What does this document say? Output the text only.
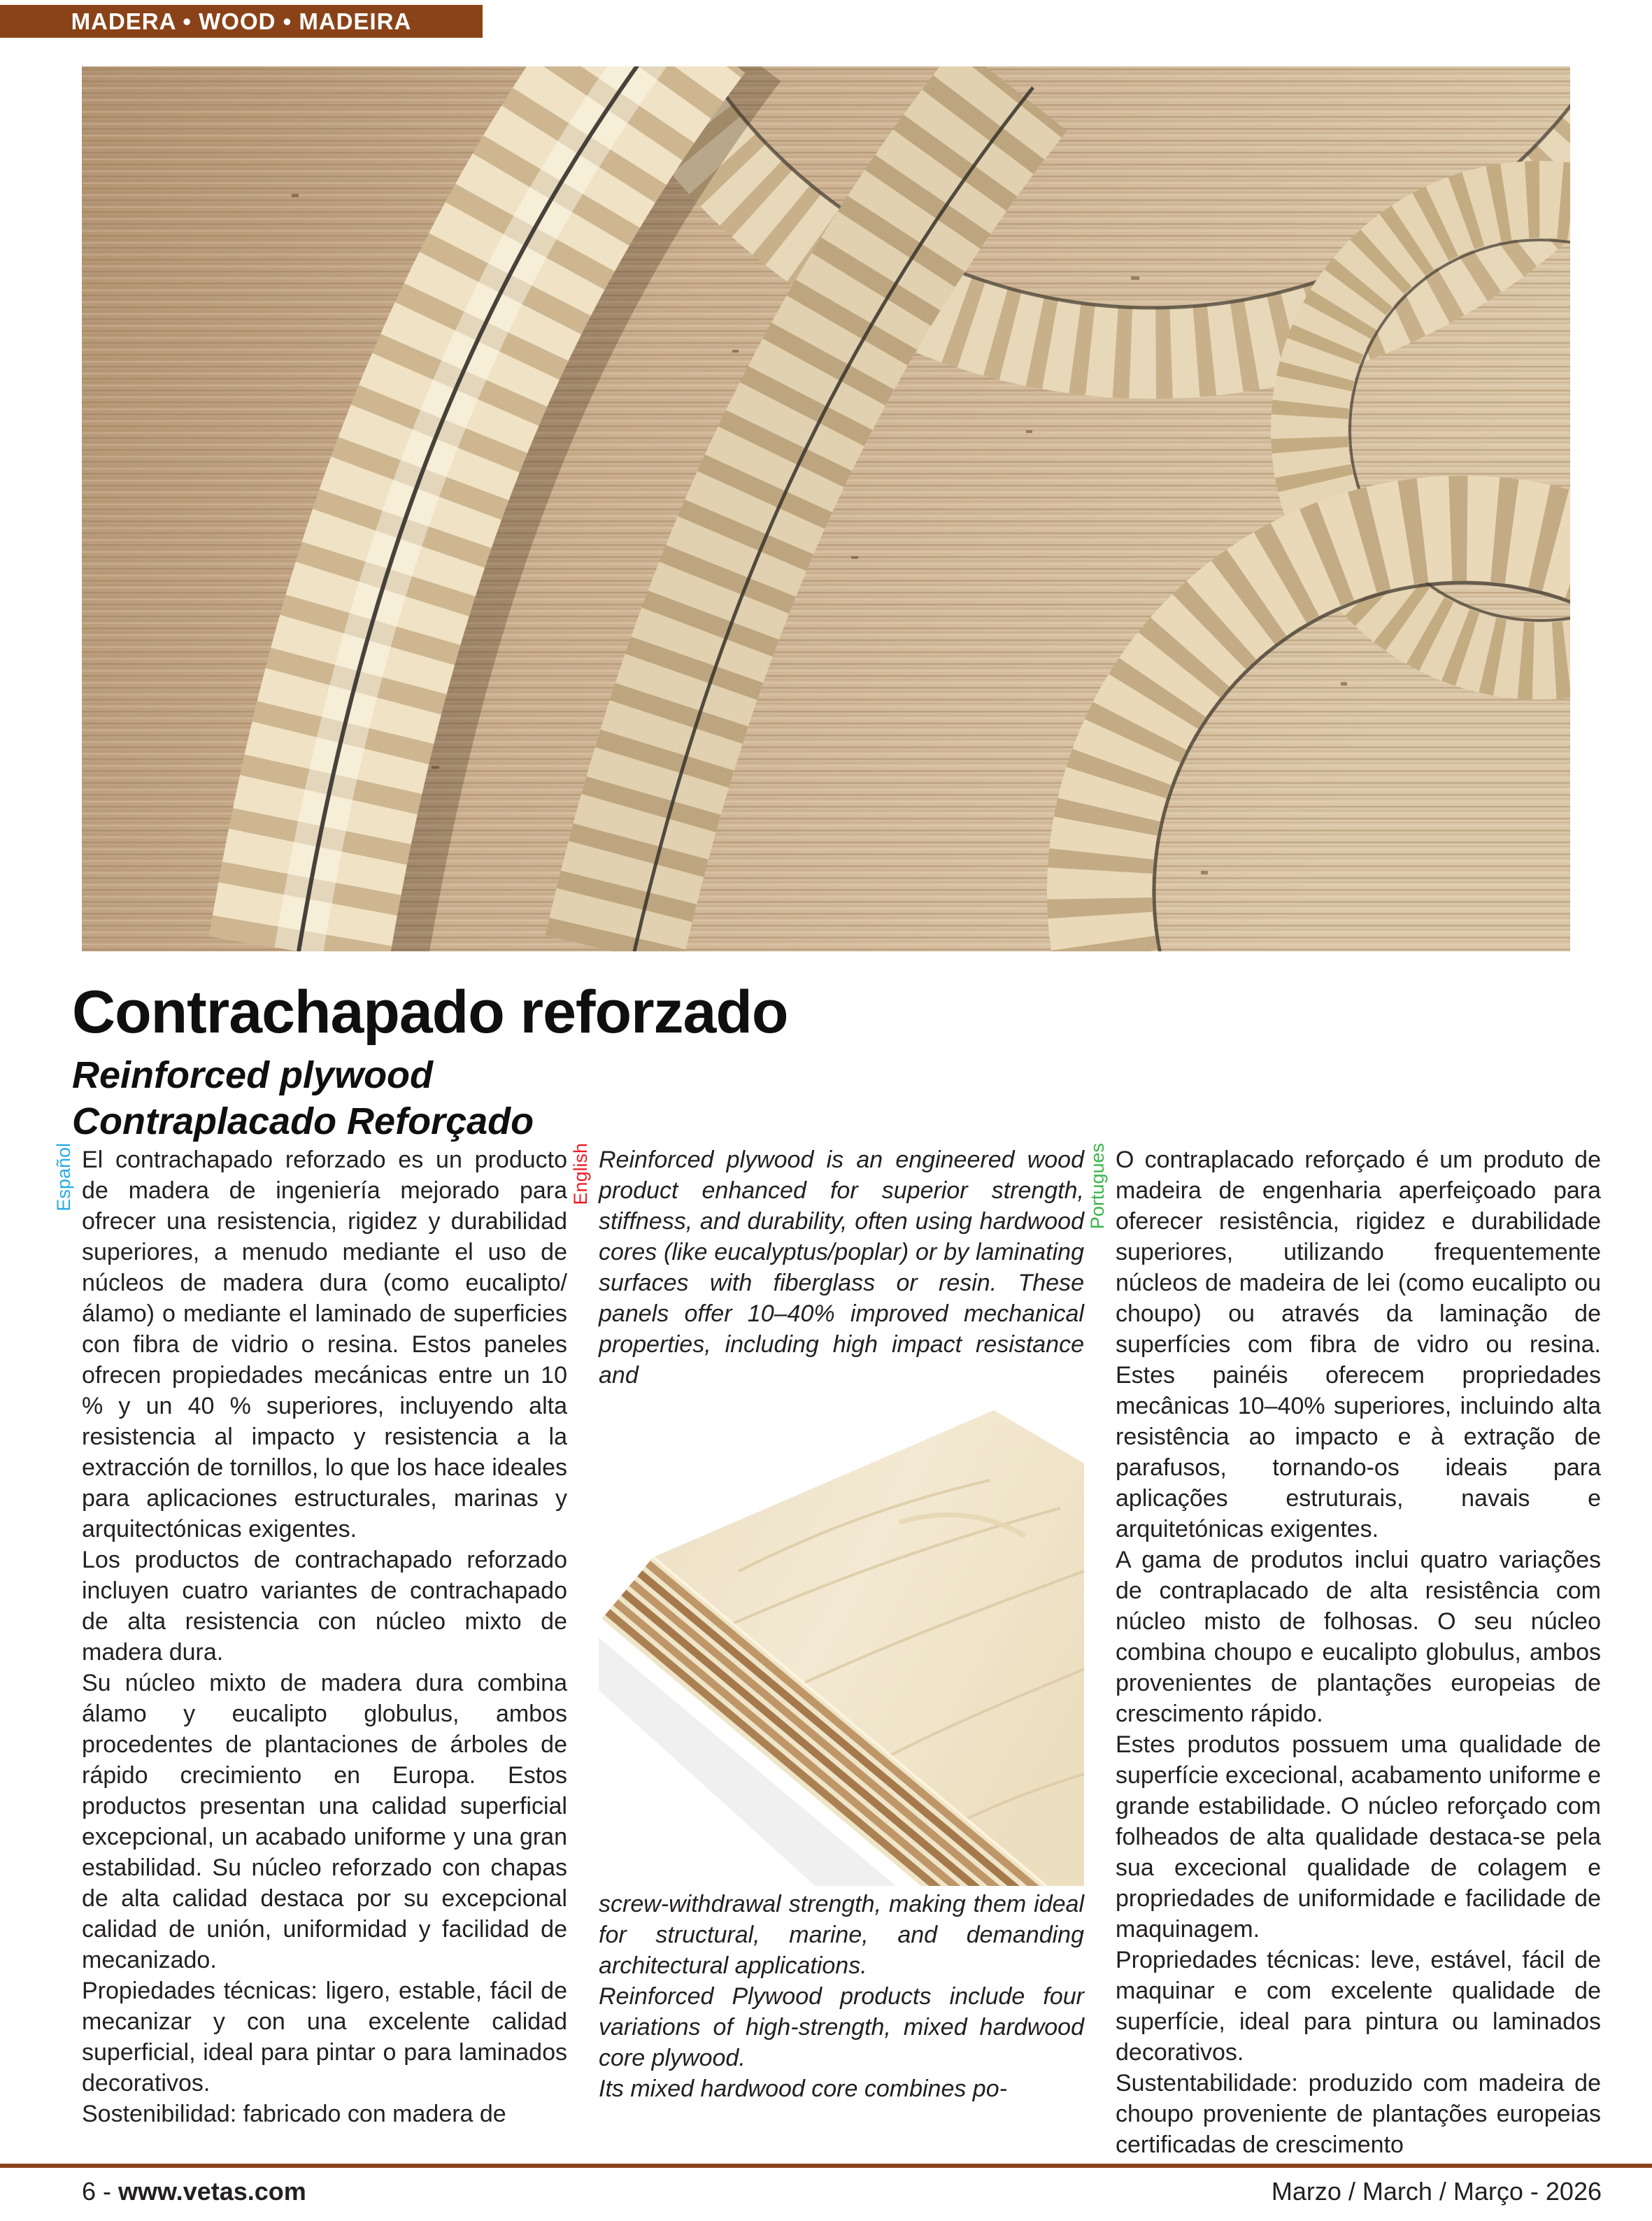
MADERA • WOOD • MADEIRA
Contrachapado reforzado
Reinforced plywood
Contraplacado Reforçado
Español	English	Portugues

El contrachapado reforzado es un producto de madera de ingeniería mejorado para ofrecer una resistencia, rigidez y durabilidad superiores, a menudo mediante el uso de núcleos de madera dura (como eucalipto/álamo) o mediante el laminado de superficies con fibra de vidrio o resina. Estos paneles ofrecen propiedades mecánicas entre un 10 % y un 40 % superiores, incluyendo alta resistencia al impacto y resistencia a la extracción de tornillos, lo que los hace ideales para aplicaciones estructurales, marinas y arquitectónicas exigentes.

Los productos de contrachapado reforzado incluyen cuatro variantes de contrachapado de alta resistencia con núcleo mixto de madera dura.

Su núcleo mixto de madera dura combina álamo y eucalipto globulus, ambos procedentes de plantaciones de árboles de rápido crecimiento en Europa. Estos productos presentan una calidad superficial excepcional, un acabado uniforme y una gran estabilidad. Su núcleo reforzado con chapas de alta calidad destaca por su excepcional calidad de unión, uniformidad y facilidad de mecanizado.

Propiedades técnicas: ligero, estable, fácil de mecanizar y con una excelente calidad superficial, ideal para pintar o para laminados decorativos.

Sostenibilidad: fabricado con madera de

Reinforced plywood is an engineered wood product enhanced for superior strength, stiffness, and durability, often using hardwood cores (like eucalyptus/poplar) or by laminating surfaces with fiberglass or resin. These panels offer 10–40% improved mechanical properties, including high impact resistance and

screw-withdrawal strength, making them ideal for structural, marine, and demanding architectural applications.

Reinforced Plywood products include four variations of high-strength, mixed hardwood core plywood.

Its mixed hardwood core combines po-

O contraplacado reforçado é um produto de madeira de engenharia aperfeiçoado para oferecer resistência, rigidez e durabilidade superiores, utilizando frequentemente núcleos de madeira de lei (como eucalipto ou choupo) ou através da laminação de superfícies com fibra de vidro ou resina. Estes painéis oferecem propriedades mecânicas 10–40% superiores, incluindo alta resistência ao impacto e à extração de parafusos, tornando-os ideais para aplicações estruturais, navais e arquitetónicas exigentes.

A gama de produtos inclui quatro variações de contraplacado de alta resistência com núcleo misto de folhosas. O seu núcleo combina choupo e eucalipto globulus, ambos provenientes de plantações europeias de crescimento rápido.

Estes produtos possuem uma qualidade de superfície excecional, acabamento uniforme e grande estabilidade. O núcleo reforçado com folheados de alta qualidade destaca-se pela sua excecional qualidade de colagem e propriedades de uniformidade e facilidade de maquinagem.

Propriedades técnicas: leve, estável, fácil de maquinar e com excelente qualidade de superfície, ideal para pintura ou laminados decorativos.

Sustentabilidade: produzido com madeira de choupo proveniente de plantações europeias certificadas de crescimento

6 - www.vetas.com	Marzo / March / Março - 2026
